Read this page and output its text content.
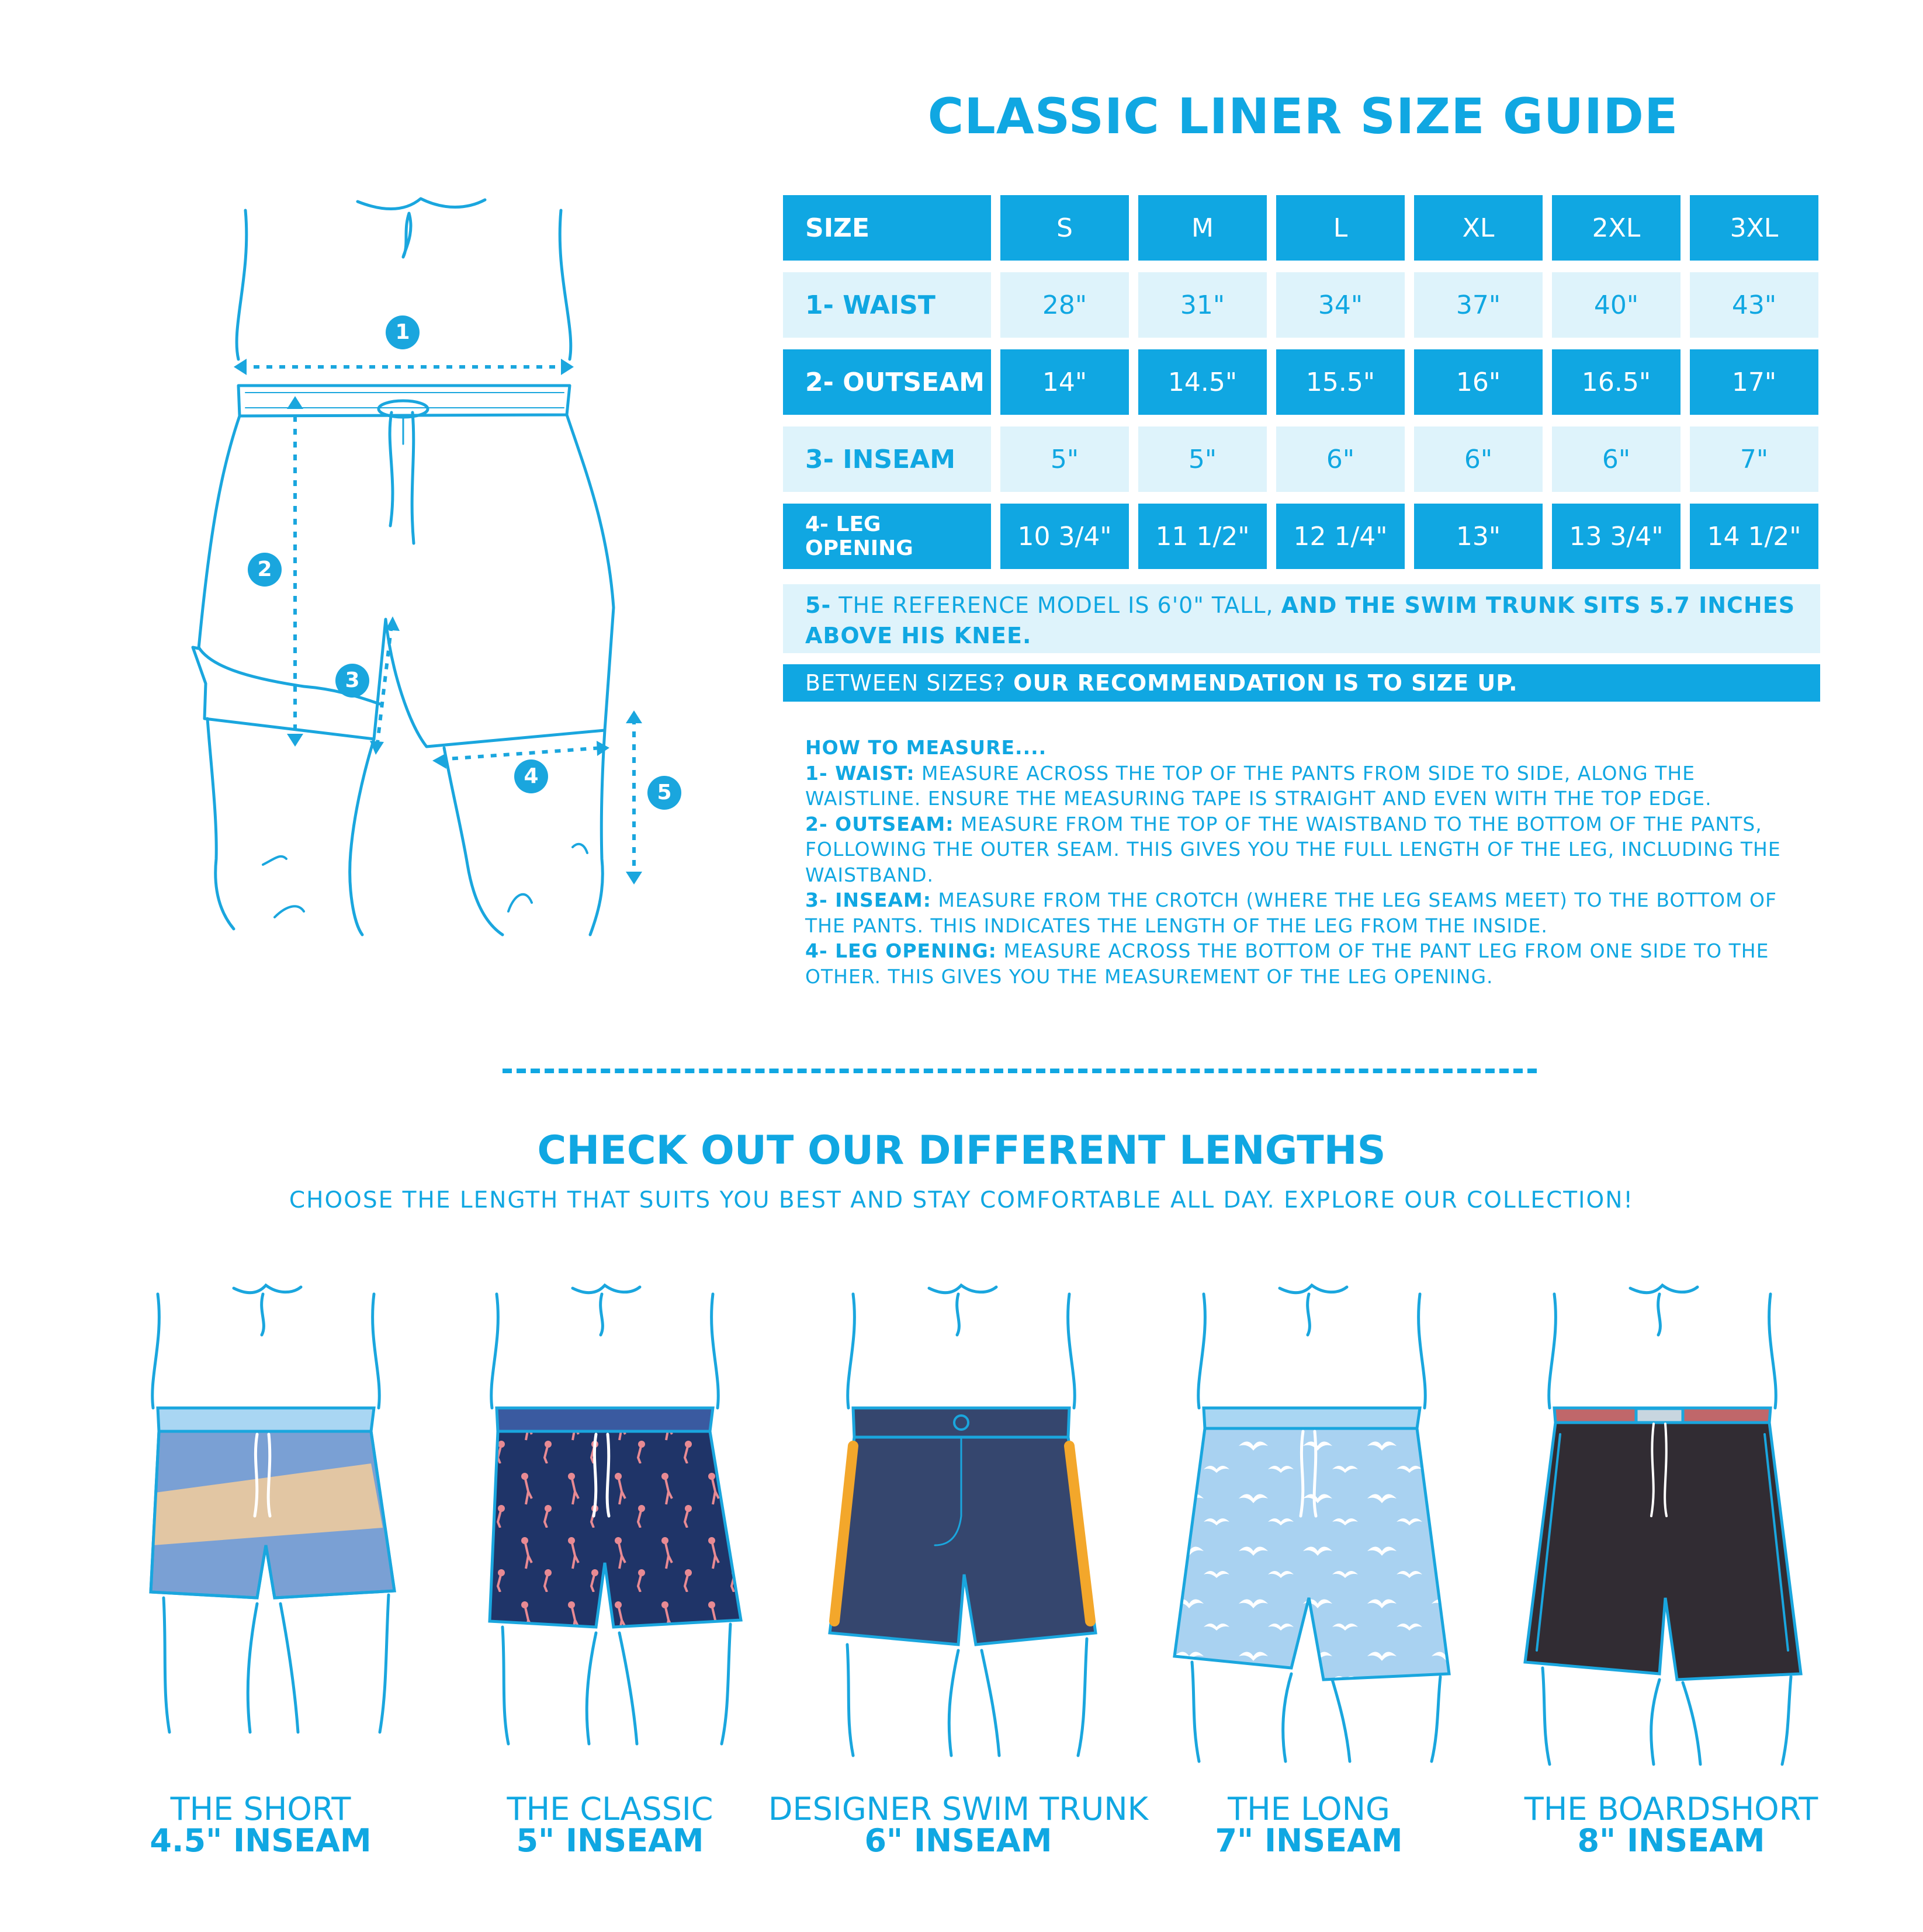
1
2
3
4
5
CLASSIC LINER SIZE GUIDE
SIZE	S	M	L	XL	2XL	3XL
1- WAIST	28"	31"	34"	37"	40"	43"
2- OUTSEAM	14"	14.5"	15.5"	16"	16.5"	17"
3- INSEAM	5"	5"	6"	6"	6"	7"
4- LEG OPENING	10 3/4"	11 1/2"	12 1/4"	13"	13 3/4"	14 1/2"
5- THE REFERENCE MODEL IS 6'0" TALL, AND THE SWIM TRUNK SITS 5.7 INCHES ABOVE HIS KNEE.
BETWEEN SIZES? OUR RECOMMENDATION IS TO SIZE UP.
HOW TO MEASURE....
1- WAIST: MEASURE ACROSS THE TOP OF THE PANTS FROM SIDE TO SIDE, ALONG THE WAISTLINE. ENSURE THE MEASURING TAPE IS STRAIGHT AND EVEN WITH THE TOP EDGE.
2- OUTSEAM: MEASURE FROM THE TOP OF THE WAISTBAND TO THE BOTTOM OF THE PANTS, FOLLOWING THE OUTER SEAM. THIS GIVES YOU THE FULL LENGTH OF THE LEG, INCLUDING THE WAISTBAND.
3- INSEAM: MEASURE FROM THE CROTCH (WHERE THE LEG SEAMS MEET) TO THE BOTTOM OF THE PANTS. THIS INDICATES THE LENGTH OF THE LEG FROM THE INSIDE.
4- LEG OPENING: MEASURE ACROSS THE BOTTOM OF THE PANT LEG FROM ONE SIDE TO THE OTHER. THIS GIVES YOU THE MEASUREMENT OF THE LEG OPENING.
CHECK OUT OUR DIFFERENT LENGTHS
CHOOSE THE LENGTH THAT SUITS YOU BEST AND STAY COMFORTABLE ALL DAY. EXPLORE OUR COLLECTION!
THE SHORT
4.5" INSEAM
THE CLASSIC
5" INSEAM
DESIGNER SWIM TRUNK
6" INSEAM
THE LONG
7" INSEAM
THE BOARDSHORT
8" INSEAM
